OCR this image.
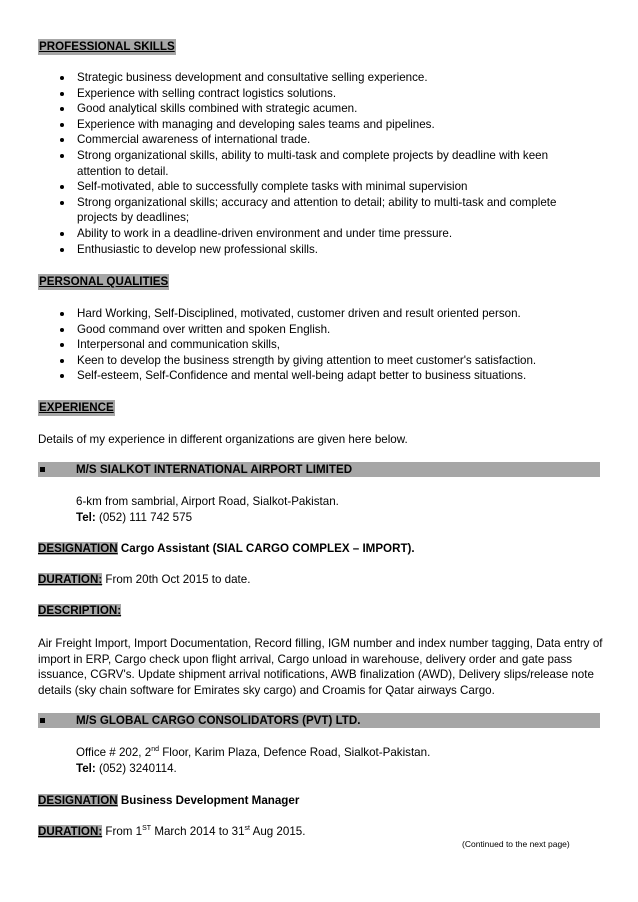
PROFESSIONAL SKILLS
Strategic business development and consultative selling experience.
Experience with selling contract logistics solutions.
Good analytical skills combined with strategic acumen.
Experience with managing and developing sales teams and pipelines.
Commercial awareness of international trade.
Strong organizational skills, ability to multi-task and complete projects by deadline with keen attention to detail.
Self-motivated, able to successfully complete tasks with minimal supervision
Strong organizational skills; accuracy and attention to detail; ability to multi-task and complete projects by deadlines;
Ability to work in a deadline-driven environment and under time pressure.
Enthusiastic to develop new professional skills.
PERSONAL QUALITIES
Hard Working, Self-Disciplined, motivated, customer driven and result oriented person.
Good command over written and spoken English.
Interpersonal and communication skills,
Keen to develop the business strength by giving attention to meet customer's satisfaction.
Self-esteem, Self-Confidence and mental well-being adapt better to business situations.
EXPERIENCE
Details of my experience in different organizations are given here below.
M/S SIALKOT INTERNATIONAL AIRPORT LIMITED
6-km from sambrial, Airport Road, Sialkot-Pakistan.
Tel: (052) 111 742 575
DESIGNATION Cargo Assistant (SIAL CARGO COMPLEX – IMPORT).
DURATION: From 20th Oct 2015 to date.
DESCRIPTION:
Air Freight Import, Import Documentation, Record filling, IGM number and index number tagging, Data entry of import in ERP, Cargo check upon flight arrival, Cargo unload in warehouse, delivery order and gate pass issuance, CGRV's. Update shipment arrival notifications, AWB finalization (AWD), Delivery slips/release note details (sky chain software for Emirates sky cargo) and Croamis for Qatar airways Cargo.
M/S GLOBAL CARGO CONSOLIDATORS (PVT) LTD.
Office # 202, 2nd Floor, Karim Plaza, Defence Road, Sialkot-Pakistan.
Tel: (052) 3240114.
DESIGNATION Business Development Manager
DURATION: From 1ST March 2014 to 31st Aug 2015.
(Continued to the next page)
